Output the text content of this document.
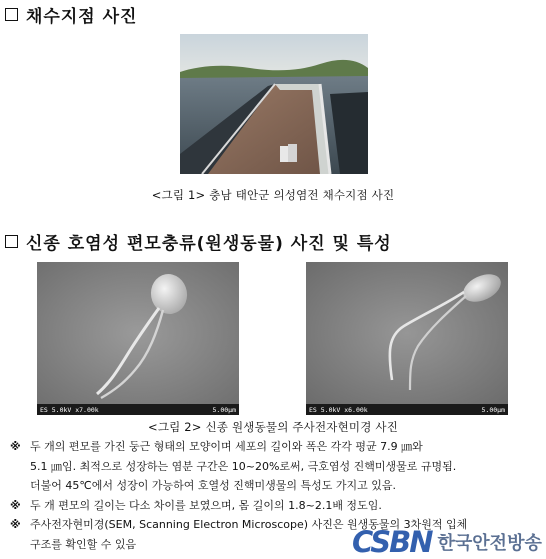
채수지점 사진
<그림 1> 충남 태안군 의성염전 채수지점 사진
신종 호염성 편모충류(원생동물) 사진 및 특성
ES 5.0kV x7.00k	5.00μm	ES 5.0kV x6.00k	5.00μm
<그림 2> 신종 원생동물의 주사전자현미경 사진
※ 두 개의 편모를 가진 둥근 형태의 모양이며 세포의 길이와 폭은 각각 평균 7.9 ㎛와
5.1 ㎛임. 최적으로 성장하는 염분 구간은 10~20%로써, 극호염성 진핵미생물로 규명됨.
더불어 45℃에서 성장이 가능하여 호열성 진핵미생물의 특성도 가지고 있음.
※ 두 개 편모의 길이는 다소 차이를 보였으며, 몸 길이의 1.8~2.1배 정도임.
※ 주사전자현미경(SEM, Scanning Electron Microscope) 사진은 원생동물의 3차원적 입체
구조를 확인할 수 있음	CSBN 한국안전방송
